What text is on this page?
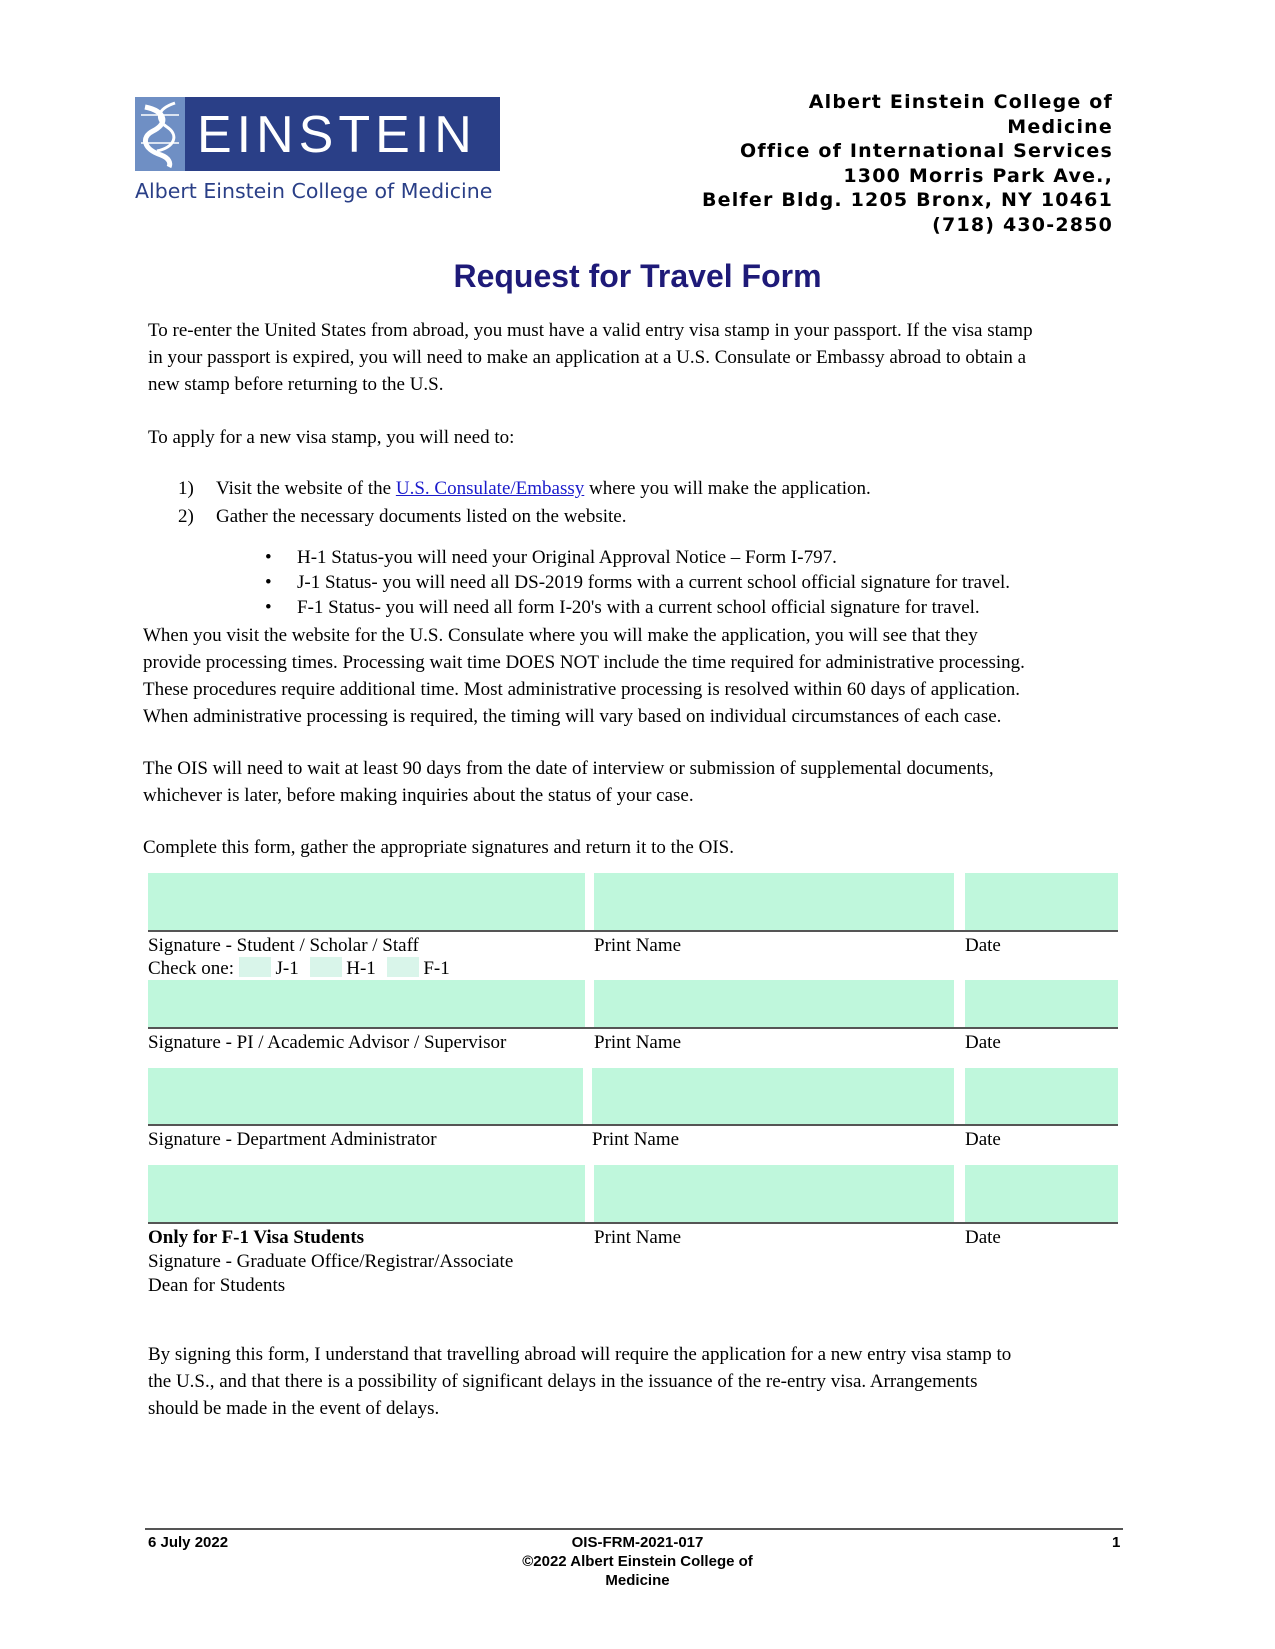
EINSTEIN
Albert Einstein College of Medicine
Albert Einstein College of
Medicine
Office of International Services
1300 Morris Park Ave.,
Belfer Bldg. 1205 Bronx, NY 10461
(718) 430-2850
Request for Travel Form
To re-enter the United States from abroad, you must have a valid entry visa stamp in your passport. If the visa stamp
in your passport is expired, you will need to make an application at a U.S. Consulate or Embassy abroad to obtain a
new stamp before returning to the U.S.
To apply for a new visa stamp, you will need to:
1) Visit the website of the U.S. Consulate/Embassy where you will make the application.
2) Gather the necessary documents listed on the website.
• H-1 Status-you will need your Original Approval Notice – Form I-797.
• J-1 Status- you will need all DS-2019 forms with a current school official signature for travel.
• F-1 Status- you will need all form I-20's with a current school official signature for travel.
When you visit the website for the U.S. Consulate where you will make the application, you will see that they
provide processing times. Processing wait time DOES NOT include the time required for administrative processing.
These procedures require additional time. Most administrative processing is resolved within 60 days of application.
When administrative processing is required, the timing will vary based on individual circumstances of each case.
The OIS will need to wait at least 90 days from the date of interview or submission of supplemental documents,
whichever is later, before making inquiries about the status of your case.
Complete this form, gather the appropriate signatures and return it to the OIS.
Signature - Student / Scholar / Staff
Check one: J-1	H-1	F-1
Print Name	Date
Signature - PI / Academic Advisor / Supervisor	Print Name	Date
Signature - Department Administrator	Print Name	Date
Only for F-1 Visa Students
Signature - Graduate Office/Registrar/Associate
Dean for Students
Print Name	Date
By signing this form, I understand that travelling abroad will require the application for a new entry visa stamp to
the U.S., and that there is a possibility of significant delays in the issuance of the re-entry visa. Arrangements
should be made in the event of delays.
6 July 2022	OIS-FRM-2021-017
©2022 Albert Einstein College of
Medicine
1
